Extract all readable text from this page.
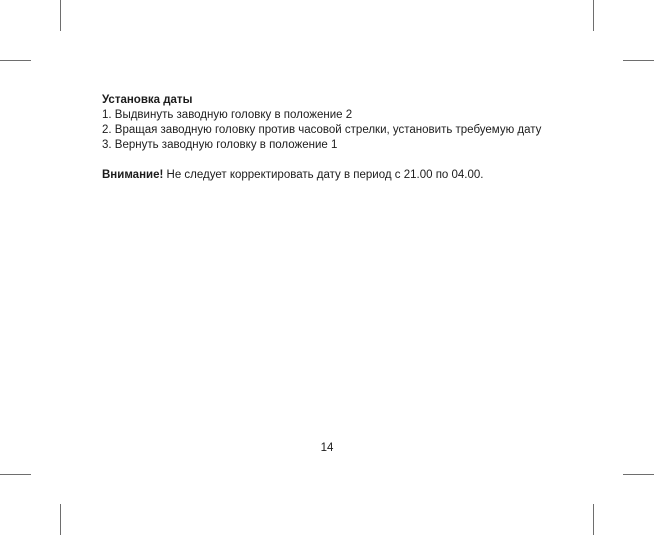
Установка даты

1. Выдвинуть заводную головку в положение 2

2. Вращая заводную головку против часовой стрелки, установить требуемую дату

3. Вернуть заводную головку в положение 1

Внимание! Не следует корректировать дату в период с 21.00 по 04.00.

14
